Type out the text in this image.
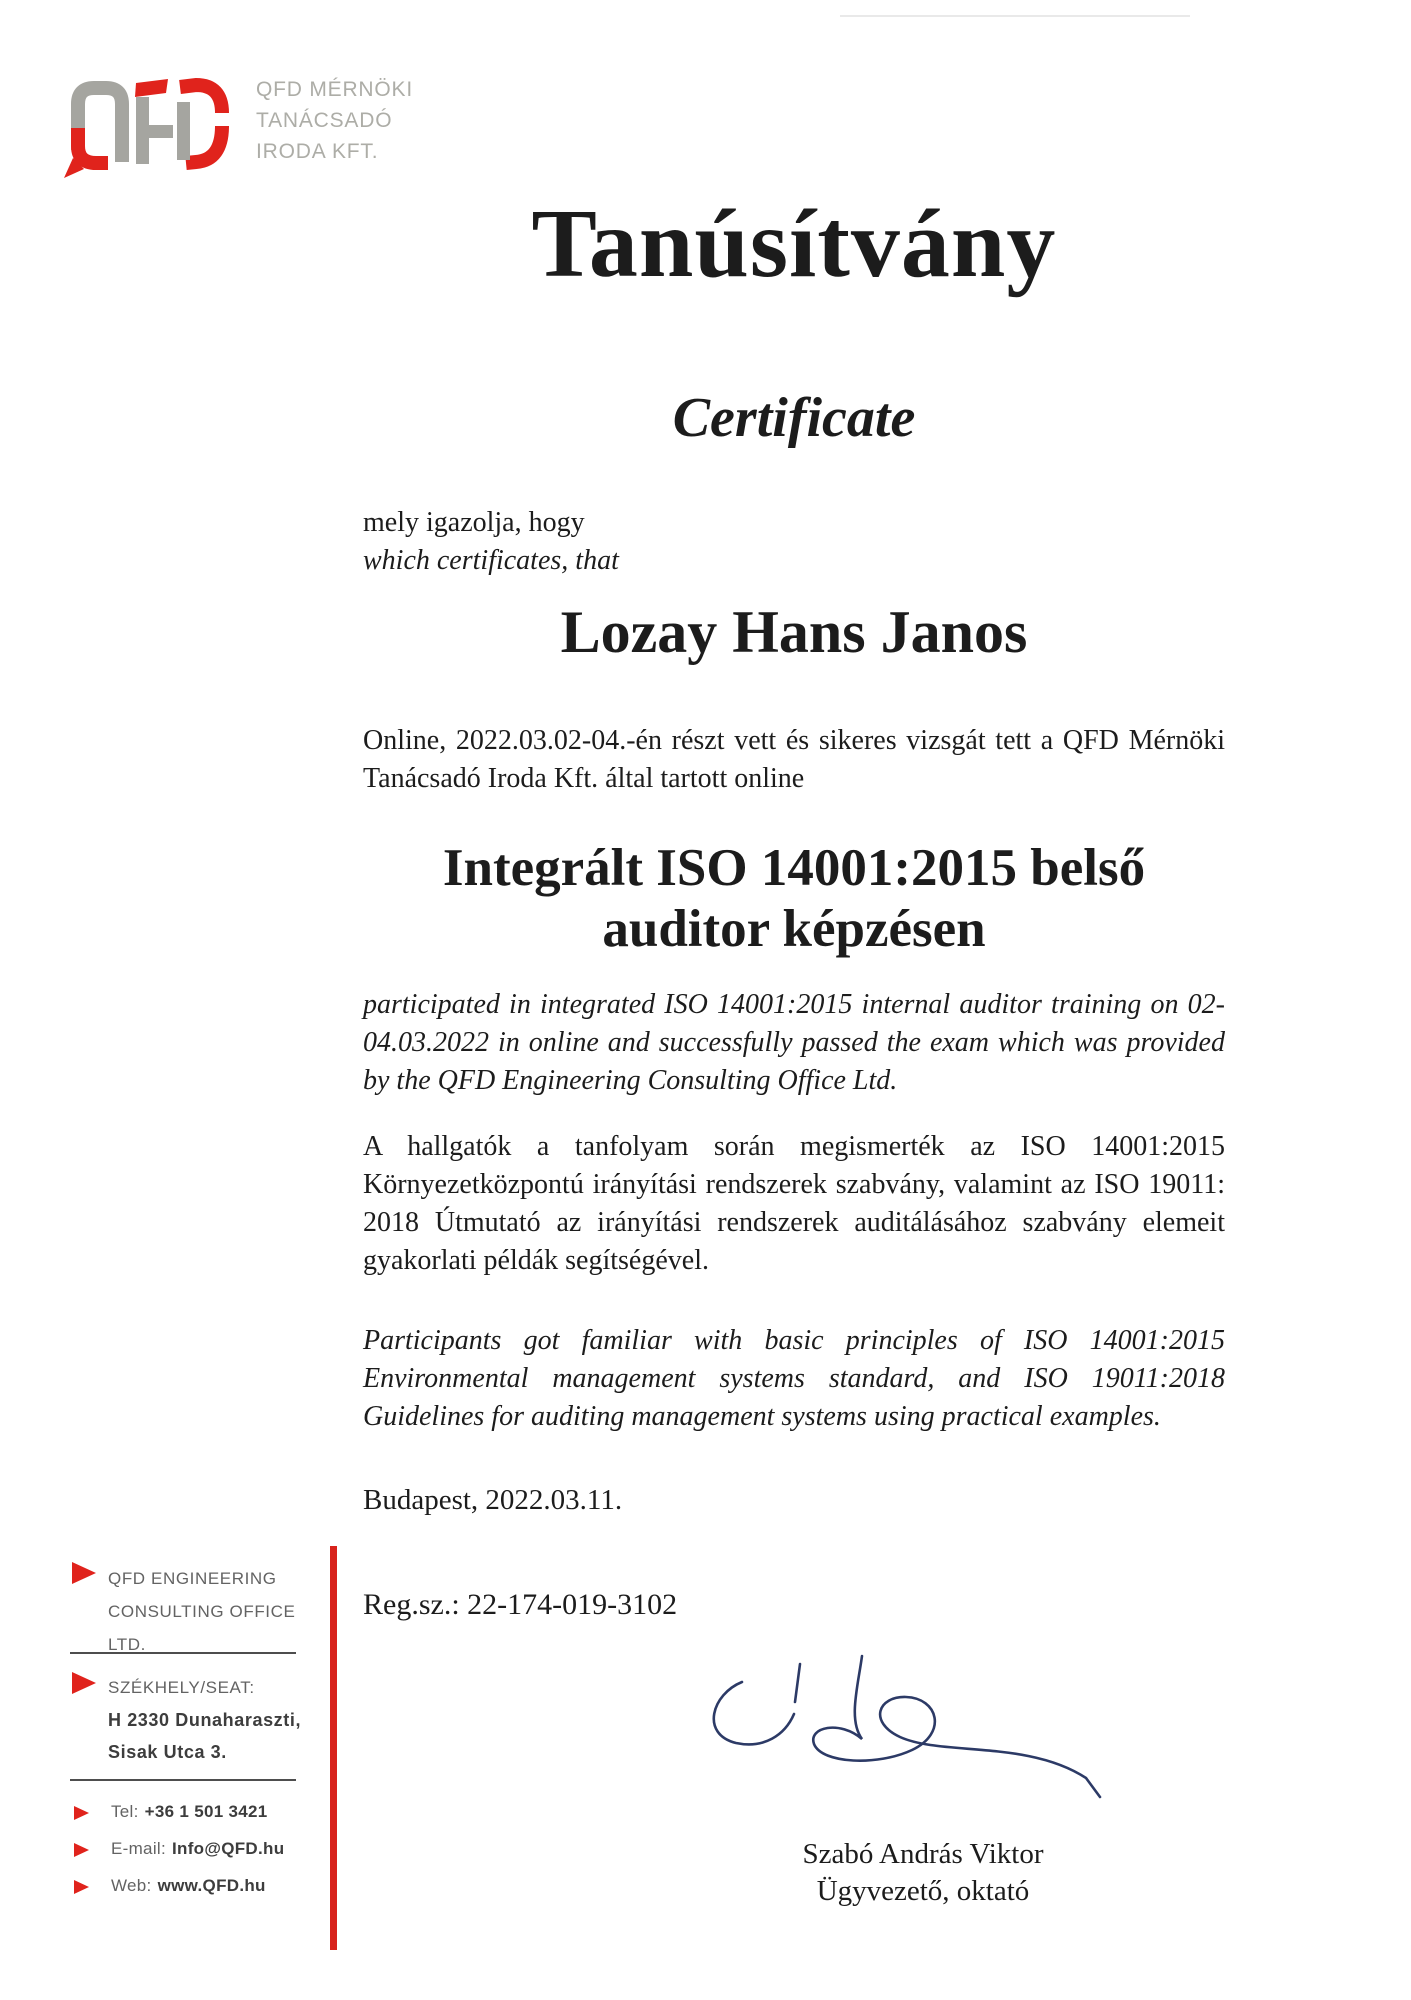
QFD MÉRNÖKI
TANÁCSADÓ
IRODA KFT.
Tanúsítvány
Certificate
mely igazolja, hogy
which certificates, that
Lozay Hans Janos

Online, 2022.03.02-04.-én részt vett és sikeres vizsgát tett a QFD Mérnöki Tanácsadó Iroda Kft. által tartott online

Integrált ISO 14001:2015 belső
auditor képzésen

participated in integrated ISO 14001:2015 internal auditor training on 02-04.03.2022 in online and successfully passed the exam which was provided by the QFD Engineering Consulting Office Ltd.

A hallgatók a tanfolyam során megismerték az ISO 14001:2015 Környezetközpontú irányítási rendszerek szabvány, valamint az ISO 19011: 2018 Útmutató az irányítási rendszerek auditálásához szabvány elemeit gyakorlati példák segítségével.

Participants got familiar with basic principles of ISO 14001:2015 Environmental management systems standard, and ISO 19011:2018 Guidelines for auditing management systems using practical examples.

Budapest, 2022.03.11.
Reg.sz.: 22-174-019-3102
QFD ENGINEERING
CONSULTING OFFICE LTD.
SZÉKHELY/SEAT:
H 2330 Dunaharaszti,
Sisak Utca 3.
Tel: +36 1 501 3421
E-mail: Info@QFD.hu
Web: www.QFD.hu
Szabó András Viktor
Ügyvezető, oktató
